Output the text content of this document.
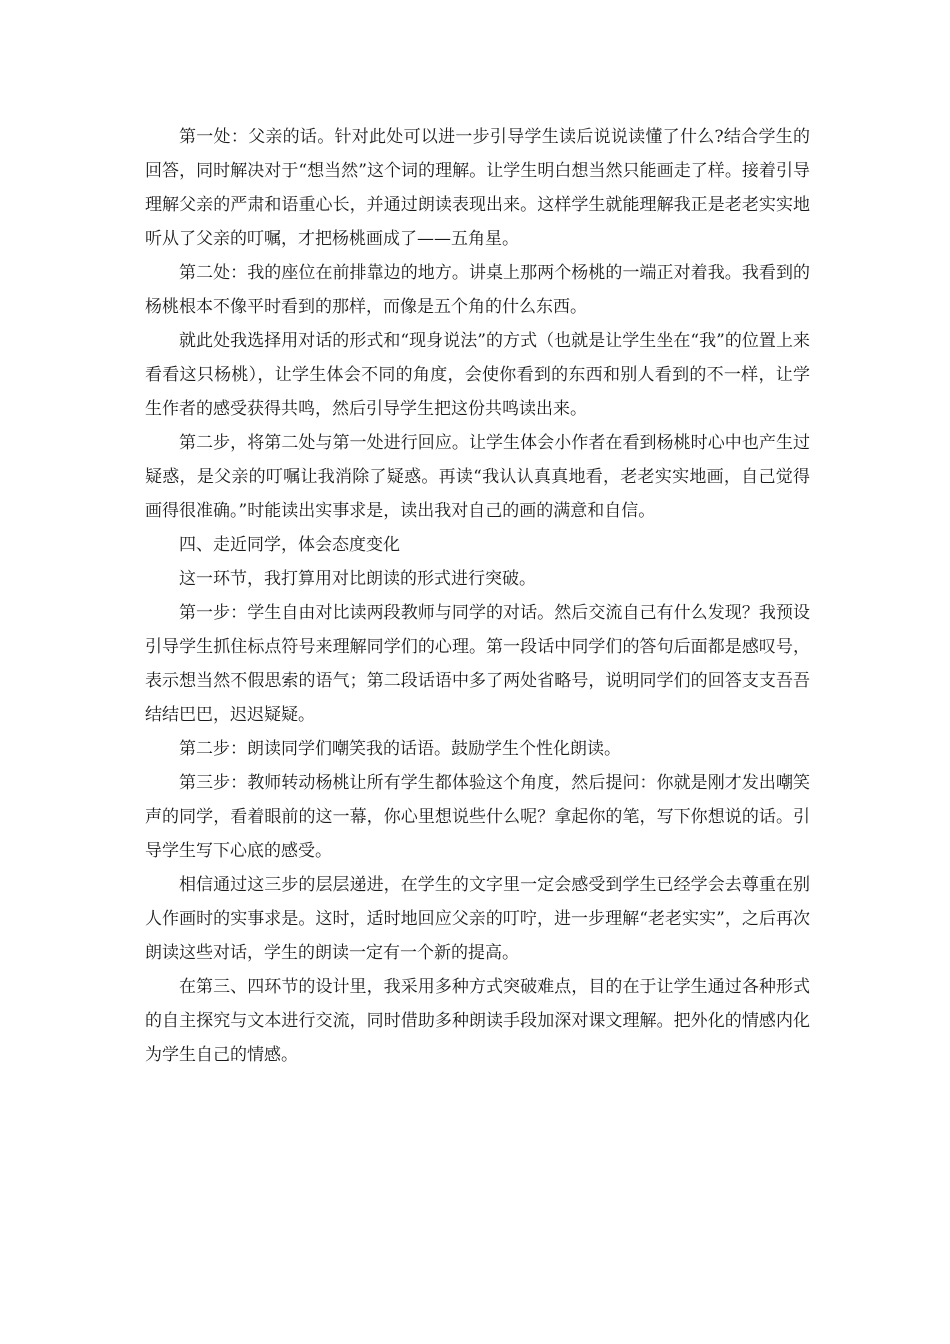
第一处：父亲的话。针对此处可以进一步引导学生读后说说读懂了什么?结合学生的回答，同时解决对于“想当然”这个词的理解。让学生明白想当然只能画走了样。接着引导理解父亲的严肃和语重心长，并通过朗读表现出来。这样学生就能理解我正是老老实实地听从了父亲的叮嘱，才把杨桃画成了——五角星。

第二处：我的座位在前排靠边的地方。讲桌上那两个杨桃的一端正对着我。我看到的杨桃根本不像平时看到的那样，而像是五个角的什么东西。

就此处我选择用对话的形式和“现身说法”的方式（也就是让学生坐在“我”的位置上来看看这只杨桃），让学生体会不同的角度，会使你看到的东西和别人看到的不一样，让学生作者的感受获得共鸣，然后引导学生把这份共鸣读出来。

第二步，将第二处与第一处进行回应。让学生体会小作者在看到杨桃时心中也产生过疑惑，是父亲的叮嘱让我消除了疑惑。再读“我认认真真地看，老老实实地画，自己觉得画得很准确。”时能读出实事求是，读出我对自己的画的满意和自信。

四、走近同学，体会态度变化

这一环节，我打算用对比朗读的形式进行突破。

第一步：学生自由对比读两段教师与同学的对话。然后交流自己有什么发现？我预设引导学生抓住标点符号来理解同学们的心理。第一段话中同学们的答句后面都是感叹号，表示想当然不假思索的语气；第二段话语中多了两处省略号，说明同学们的回答支支吾吾结结巴巴，迟迟疑疑。

第二步：朗读同学们嘲笑我的话语。鼓励学生个性化朗读。

第三步：教师转动杨桃让所有学生都体验这个角度，然后提问：你就是刚才发出嘲笑声的同学，看着眼前的这一幕，你心里想说些什么呢？拿起你的笔，写下你想说的话。引导学生写下心底的感受。

相信通过这三步的层层递进，在学生的文字里一定会感受到学生已经学会去尊重在别人作画时的实事求是。这时，适时地回应父亲的叮咛，进一步理解“老老实实”，之后再次朗读这些对话，学生的朗读一定有一个新的提高。

在第三、四环节的设计里，我采用多种方式突破难点，目的在于让学生通过各种形式的自主探究与文本进行交流，同时借助多种朗读手段加深对课文理解。把外化的情感内化为学生自己的情感。
